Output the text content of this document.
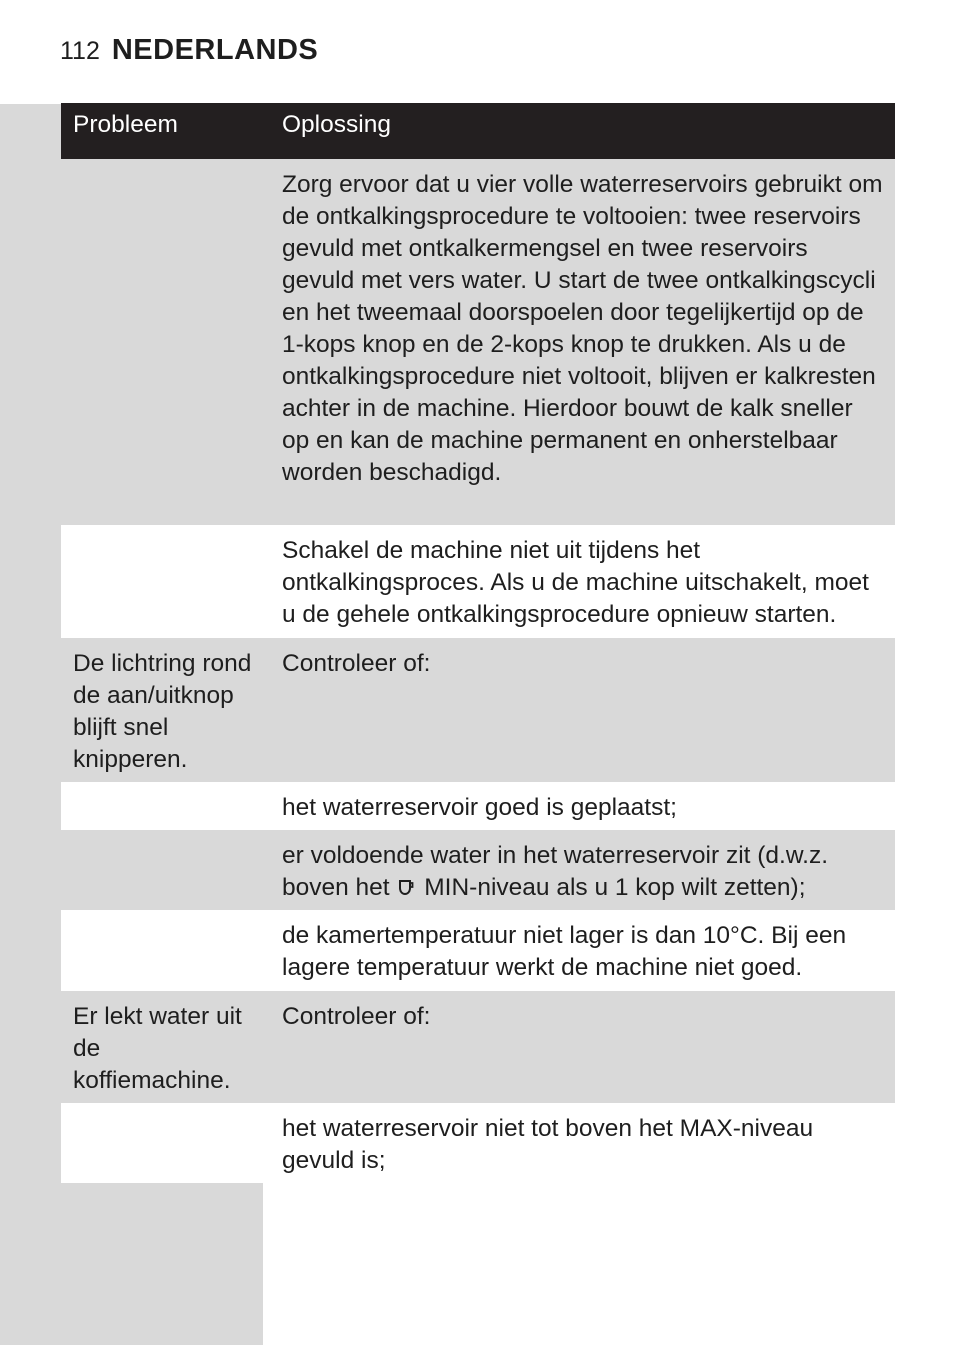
112 NEDERLANDS
Probleem	Oplossing
Zorg ervoor dat u vier volle waterreservoirs gebruikt om de ontkalkingsprocedure te voltooien: twee reservoirs gevuld met ontkalkermengsel en twee reservoirs gevuld met vers water. U start de twee ontkalkingscycli en het tweemaal doorspoelen door tegelijkertijd op de 1-kops knop en de 2-kops knop te drukken. Als u de ontkalkingsprocedure niet voltooit, blijven er kalkresten achter in de machine. Hierdoor bouwt de kalk sneller op en kan de machine permanent en onherstelbaar worden beschadigd.
Schakel de machine niet uit tijdens het ontkalkingsproces. Als u de machine uitschakelt, moet u de gehele ontkalkingsprocedure opnieuw starten.
De lichtring rond de aan/uitknop blijft snel knipperen.
Controleer of:
het waterreservoir goed is geplaatst;
er voldoende water in het waterreservoir zit (d.w.z. boven het MIN-niveau als u 1 kop wilt zetten);
de kamertemperatuur niet lager is dan 10°C. Bij een lagere temperatuur werkt de machine niet goed.
Er lekt water uit de koffiemachine.
Controleer of:
het waterreservoir niet tot boven het MAX-niveau gevuld is;
